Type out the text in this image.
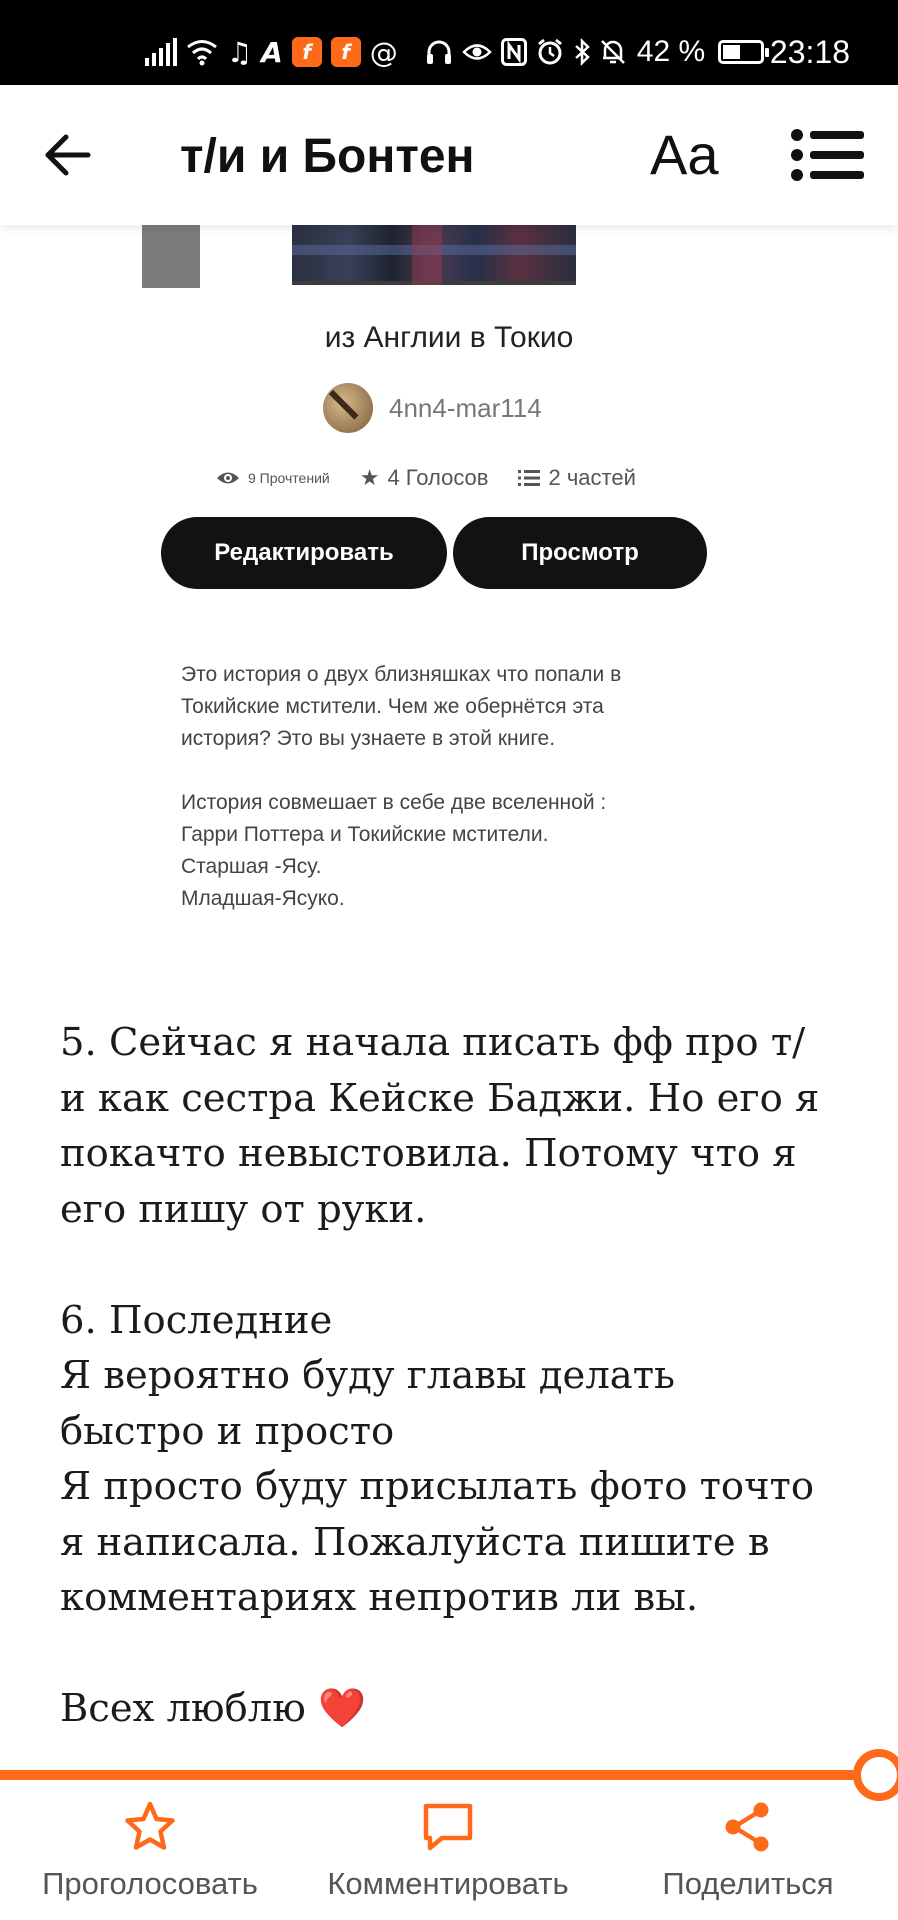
♫ A f	f @	42 % 23:18
т/и и Бонтен	Aa
из Англии в Токио
4nn4-mar114
9 Прочтений ★ 4 Голосов	2 частей
Редактировать	Просмотр
Это история о двух близняшках что попали в
Токийские мстители. Чем же обернётся эта
история? Это вы узнаете в этой книге.

История совмешает в себе две вселенной :
Гарри Поттера и Токийские мстители.
Старшая -Ясу.
Младшая-Ясуко.
5. Сейчас я начала писать фф про т/
и как сестра Кейске Баджи. Но его я
покачто невыстовила. Потому что я
его пишу от руки.

6. Последние
Я вероятно буду главы делать
быстро и просто
Я просто буду присылать фото точто
я написала. Пожалуйста пишите в
комментариях непротив ли вы.

Всех люблю ❤️
Проголосовать Комментировать	Поделиться
